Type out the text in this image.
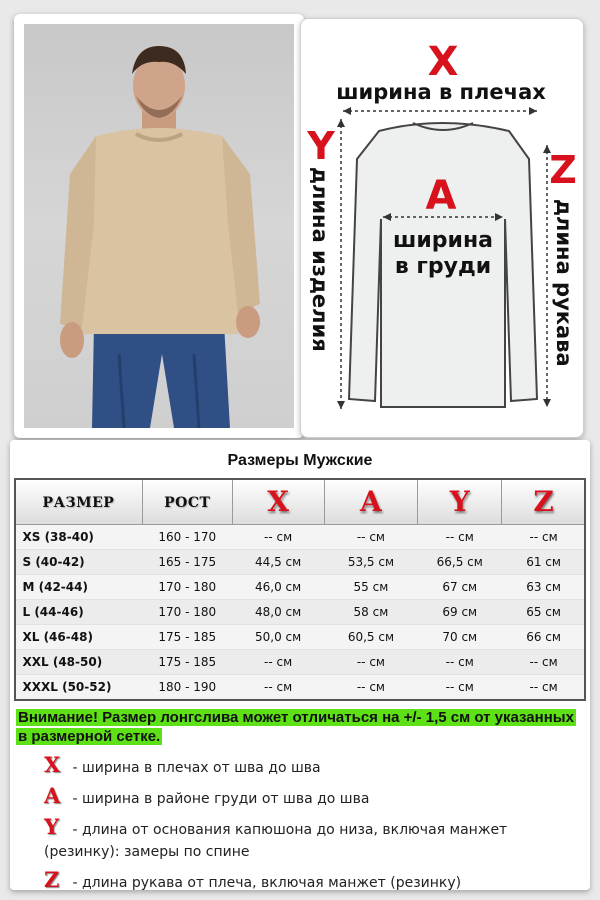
X
ширина в плечах
Y
длина изделия	Z
длина рукава
A
ширина
в груди
Размеры Мужские
РАЗМЕР	РОСТ	X	A	Y	Z
XS (38-40)	160 - 170	-- см	-- см	-- см	-- см
S (40-42)	165 - 175	44,5 см	53,5 см	66,5 см	61 см
M (42-44)	170 - 180	46,0 см	55 см	67 см	63 см
L (44-46)	170 - 180	48,0 см	58 см	69 см	65 см
XL (46-48)	175 - 185	50,0 см	60,5 см	70 см	66 см
XXL (48-50)	175 - 185	-- см	-- см	-- см	-- см
XXXL (50-52)	180 - 190	-- см	-- см	-- см	-- см
Внимание! Размер лонгслива может отличаться на +/- 1,5 см от указанных в размерной сетке.
X - ширина в плечах от шва до шва
A - ширина в районе груди от шва до шва
Y - длина от основания капюшона до низа, включая манжет (резинку): замеры по спине
Z - длина рукава от плеча, включая манжет (резинку)
